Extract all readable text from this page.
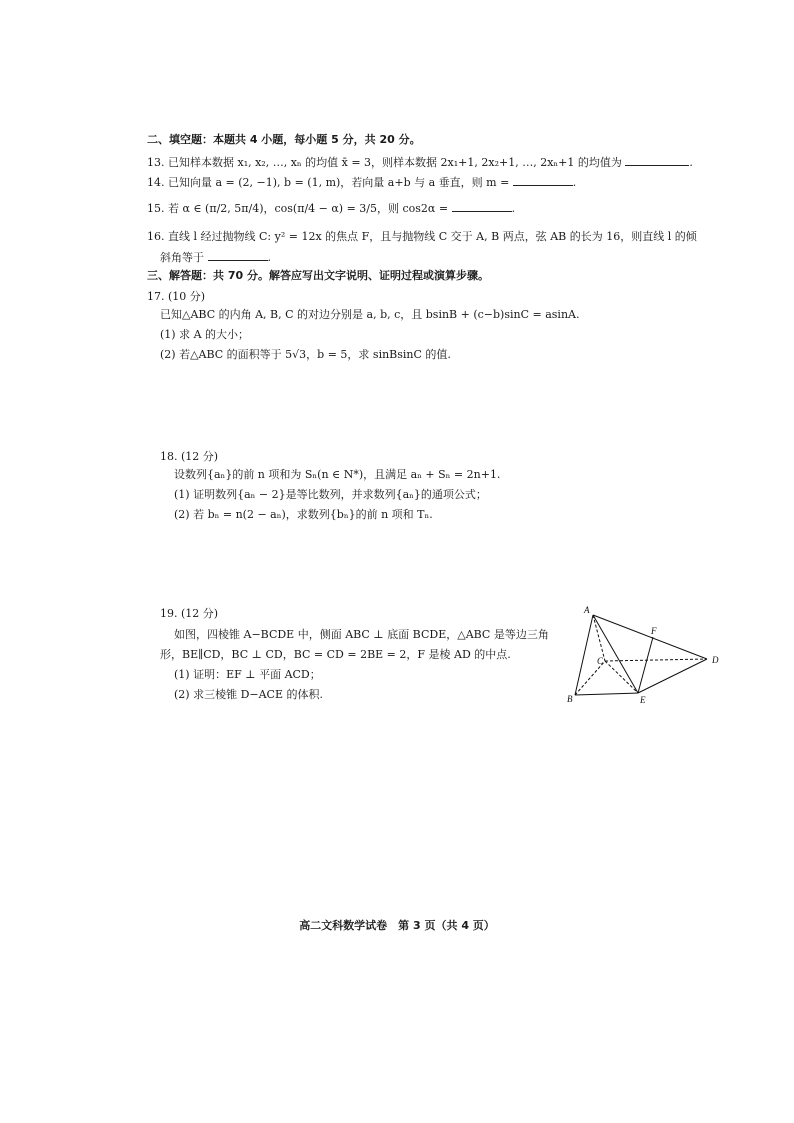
二、填空题：本题共 4 小题，每小题 5 分，共 20 分。
13. 已知样本数据 x₁, x₂, …, xₙ 的均值 x̄ = 3，则样本数据 2x₁+1, 2x₂+1, …, 2xₙ+1 的均值为	.
14. 已知向量 a = (2, −1), b = (1, m)，若向量 a+b 与 a 垂直，则 m =	.
15. 若 α ∈ (π/2, 5π/4)，cos(π/4 − α) = 3/5，则 cos2α =	.
16. 直线 l 经过抛物线 C: y² = 12x 的焦点 F，且与抛物线 C 交于 A, B 两点，弦 AB 的长为 16，则直线 l 的倾
斜角等于	.
三、解答题：共 70 分。解答应写出文字说明、证明过程或演算步骤。
17. (10 分)
已知△ABC 的内角 A, B, C 的对边分别是 a, b, c，且 bsinB + (c−b)sinC = asinA.
(1) 求 A 的大小；
(2) 若△ABC 的面积等于 5√3，b = 5，求 sinBsinC 的值.
18. (12 分)
设数列{aₙ}的前 n 项和为 Sₙ(n ∈ N*)，且满足 aₙ + Sₙ = 2n+1.
(1) 证明数列{aₙ − 2}是等比数列，并求数列{aₙ}的通项公式；
(2) 若 bₙ = n(2 − aₙ)，求数列{bₙ}的前 n 项和 Tₙ.
19. (12 分)
如图，四棱锥 A−BCDE 中，侧面 ABC ⊥ 底面 BCDE，△ABC 是等边三角
形，BE∥CD，BC ⊥ CD，BC = CD = 2BE = 2，F 是棱 AD 的中点.
(1) 证明：EF ⊥ 平面 ACD；
(2) 求三棱锥 D−ACE 的体积.
A
B
C	D
E
F
高二文科数学试卷　第 3 页（共 4 页）
